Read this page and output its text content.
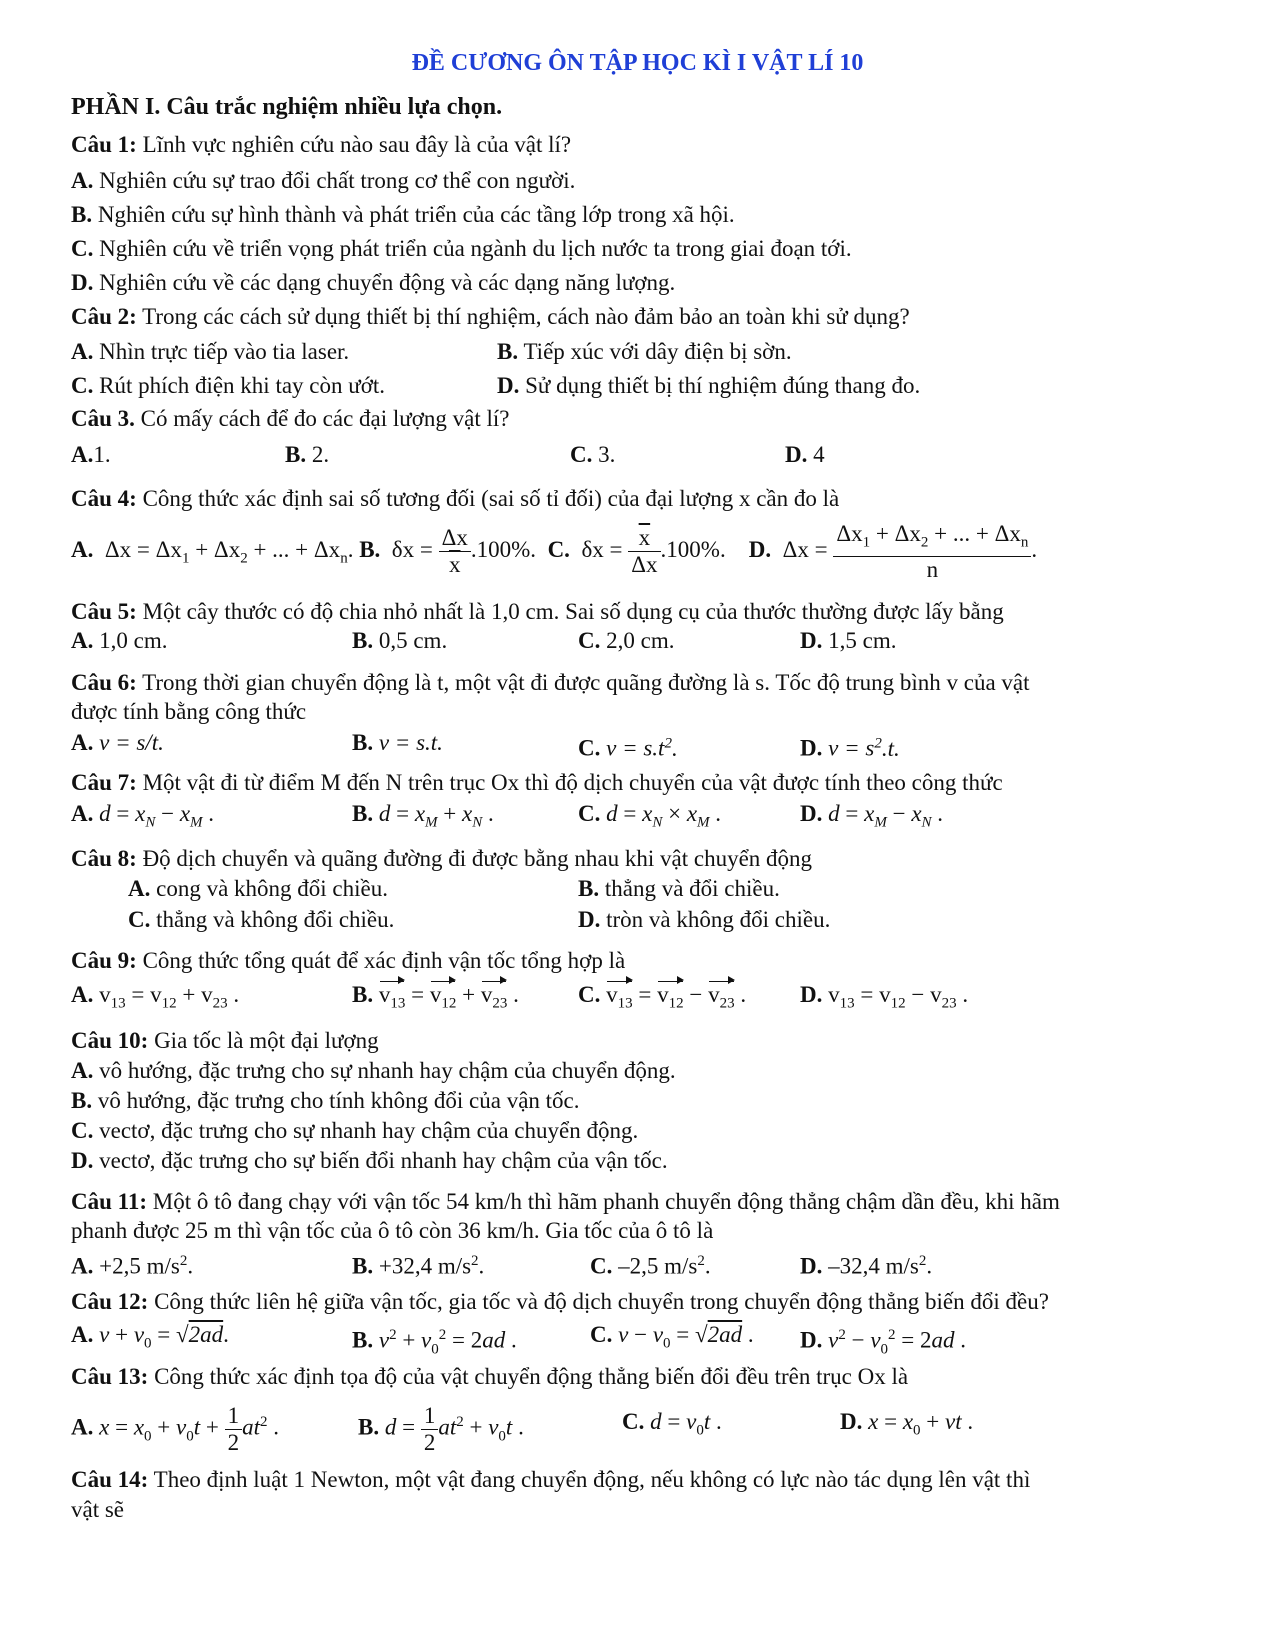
ĐỀ CƯƠNG ÔN TẬP HỌC KÌ I VẬT LÍ 10
PHẦN I. Câu trắc nghiệm nhiều lựa chọn.
Câu 1: Lĩnh vực nghiên cứu nào sau đây là của vật lí?
A. Nghiên cứu sự trao đổi chất trong cơ thể con người.
B. Nghiên cứu sự hình thành và phát triển của các tầng lớp trong xã hội.
C. Nghiên cứu về triển vọng phát triển của ngành du lịch nước ta trong giai đoạn tới.
D. Nghiên cứu về các dạng chuyển động và các dạng năng lượng.
Câu 2: Trong các cách sử dụng thiết bị thí nghiệm, cách nào đảm bảo an toàn khi sử dụng?
A. Nhìn trực tiếp vào tia laser.	B. Tiếp xúc với dây điện bị sờn.
C. Rút phích điện khi tay còn ướt.	D. Sử dụng thiết bị thí nghiệm đúng thang đo.
Câu 3. Có mấy cách để đo các đại lượng vật lí?
A.1.	B. 2.	C. 3.	D. 4
Câu 4: Công thức xác định sai số tương đối (sai số tỉ đối) của đại lượng x cần đo là
A.  $\Delta x = \Delta x_1 + \Delta x_2$ + ... + $\Delta x_n$. B.  $\delta x = \frac{\Delta x}{x} .100\%$. C.  $\delta x = \frac{\overline{x}}{\Delta x} .100\%$. D.  $\Delta x = \frac{\Delta x_1 + \Delta x_2 + ... + \Delta x_n}{n}$ .
Câu 5: Một cây thước có độ chia nhỏ nhất là 1,0 cm. Sai số dụng cụ của thước thường được lấy bằng
A. 1,0 cm.	B. 0,5 cm.	C. 2,0 cm.	D. 1,5 cm.
Câu 6: Trong thời gian chuyển động là t, một vật đi được quãng đường là s. Tốc độ trung bình v của vật
được tính bằng công thức
A. v = s/t.	B. v = s.t.	C. $v = s.t^2$.	D. $v = s^2.t$.
Câu 7: Một vật đi từ điểm M đến N trên trục Ox thì độ dịch chuyển của vật được tính theo công thức
A. $d = x_N - x_M$ .	B. $d = x_M + x_N$ .	C. $d = x_N \times x_M$ .	D. $d = x_M - x_N$ .
Câu 8: Độ dịch chuyển và quãng đường đi được bằng nhau khi vật chuyển động
A. cong và không đổi chiều.	B. thẳng và đổi chiều.
C. thẳng và không đổi chiều.	D. tròn và không đổi chiều.
Câu 9: Công thức tổng quát để xác định vận tốc tổng hợp là
A. $v_{13} = v_{12} + v_{23}$ .	B. $v_{13} = v_{12} + v_{23}$ .	C. $v_{13} = v_{12} - v_{23}$ . D. $v_{13} = v_{12} - v_{23}$ .
Câu 10: Gia tốc là một đại lượng
A. vô hướng, đặc trưng cho sự nhanh hay chậm của chuyển động.
B. vô hướng, đặc trưng cho tính không đổi của vận tốc.
C. vectơ, đặc trưng cho sự nhanh hay chậm của chuyển động.
D. vectơ, đặc trưng cho sự biến đổi nhanh hay chậm của vận tốc.
Câu 11: Một ô tô đang chạy với vận tốc 54 km/h thì hãm phanh chuyển động thẳng chậm dần đều, khi hãm
phanh được 25 m thì vận tốc của ô tô còn 36 km/h. Gia tốc của ô tô là
A. +2,5 $m/s^2$.	B. +32,4 $m/s^2$.	C. –2,5 $m/s^2$.	D. –32,4 $m/s^2$.
Câu 12: Công thức liên hệ giữa vận tốc, gia tốc và độ dịch chuyển trong chuyển động thẳng biến đổi đều?
A. $v + v_0 = √2ad$.	B. $v^2 + v_0^2 = 2ad$ .	C. $v - v_0 = √2ad$ . D. $v^2 - v_0^2 = 2ad$ .
Câu 13: Công thức xác định tọa độ của vật chuyển động thẳng biến đổi đều trên trục Ox là
A. $x = x_0 + v_0t + \frac{1}{2} at^2$ .	B. $d = \frac{1}{2} at^2 + v_0t$ .	C. $d = v_0t$ .	D. $x = x_0$ + vt .
Câu 14: Theo định luật 1 Newton, một vật đang chuyển động, nếu không có lực nào tác dụng lên vật thì
vật sẽ
